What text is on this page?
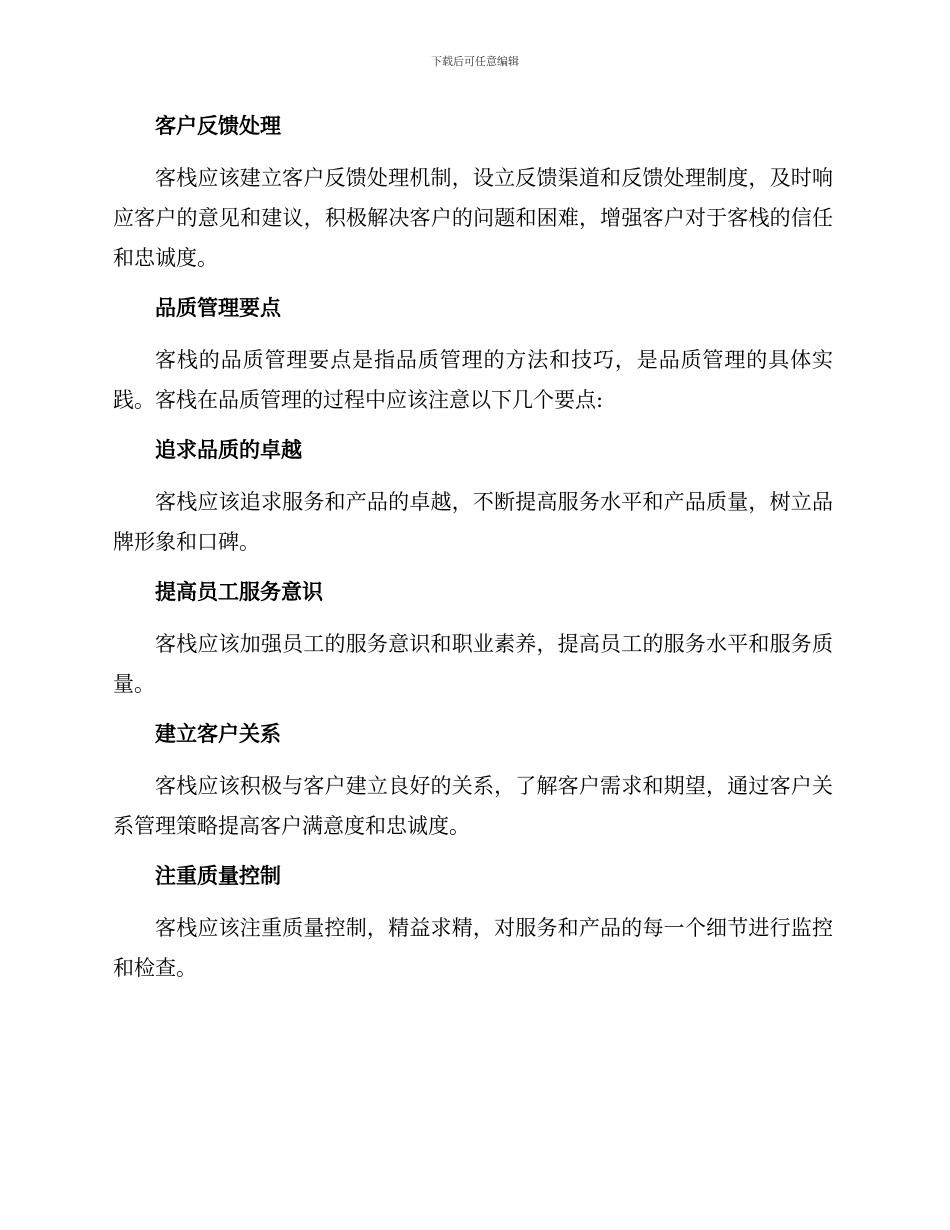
下载后可任意编辑
客户反馈处理
客栈应该建立客户反馈处理机制，设立反馈渠道和反馈处理制度，及时响应客户的意见和建议，积极解决客户的问题和困难，增强客户对于客栈的信任和忠诚度。
品质管理要点
客栈的品质管理要点是指品质管理的方法和技巧，是品质管理的具体实践。客栈在品质管理的过程中应该注意以下几个要点:
追求品质的卓越
客栈应该追求服务和产品的卓越，不断提高服务水平和产品质量，树立品牌形象和口碑。
提高员工服务意识
客栈应该加强员工的服务意识和职业素养，提高员工的服务水平和服务质量。
建立客户关系
客栈应该积极与客户建立良好的关系，了解客户需求和期望，通过客户关系管理策略提高客户满意度和忠诚度。
注重质量控制
客栈应该注重质量控制，精益求精，对服务和产品的每一个细节进行监控和检查。
